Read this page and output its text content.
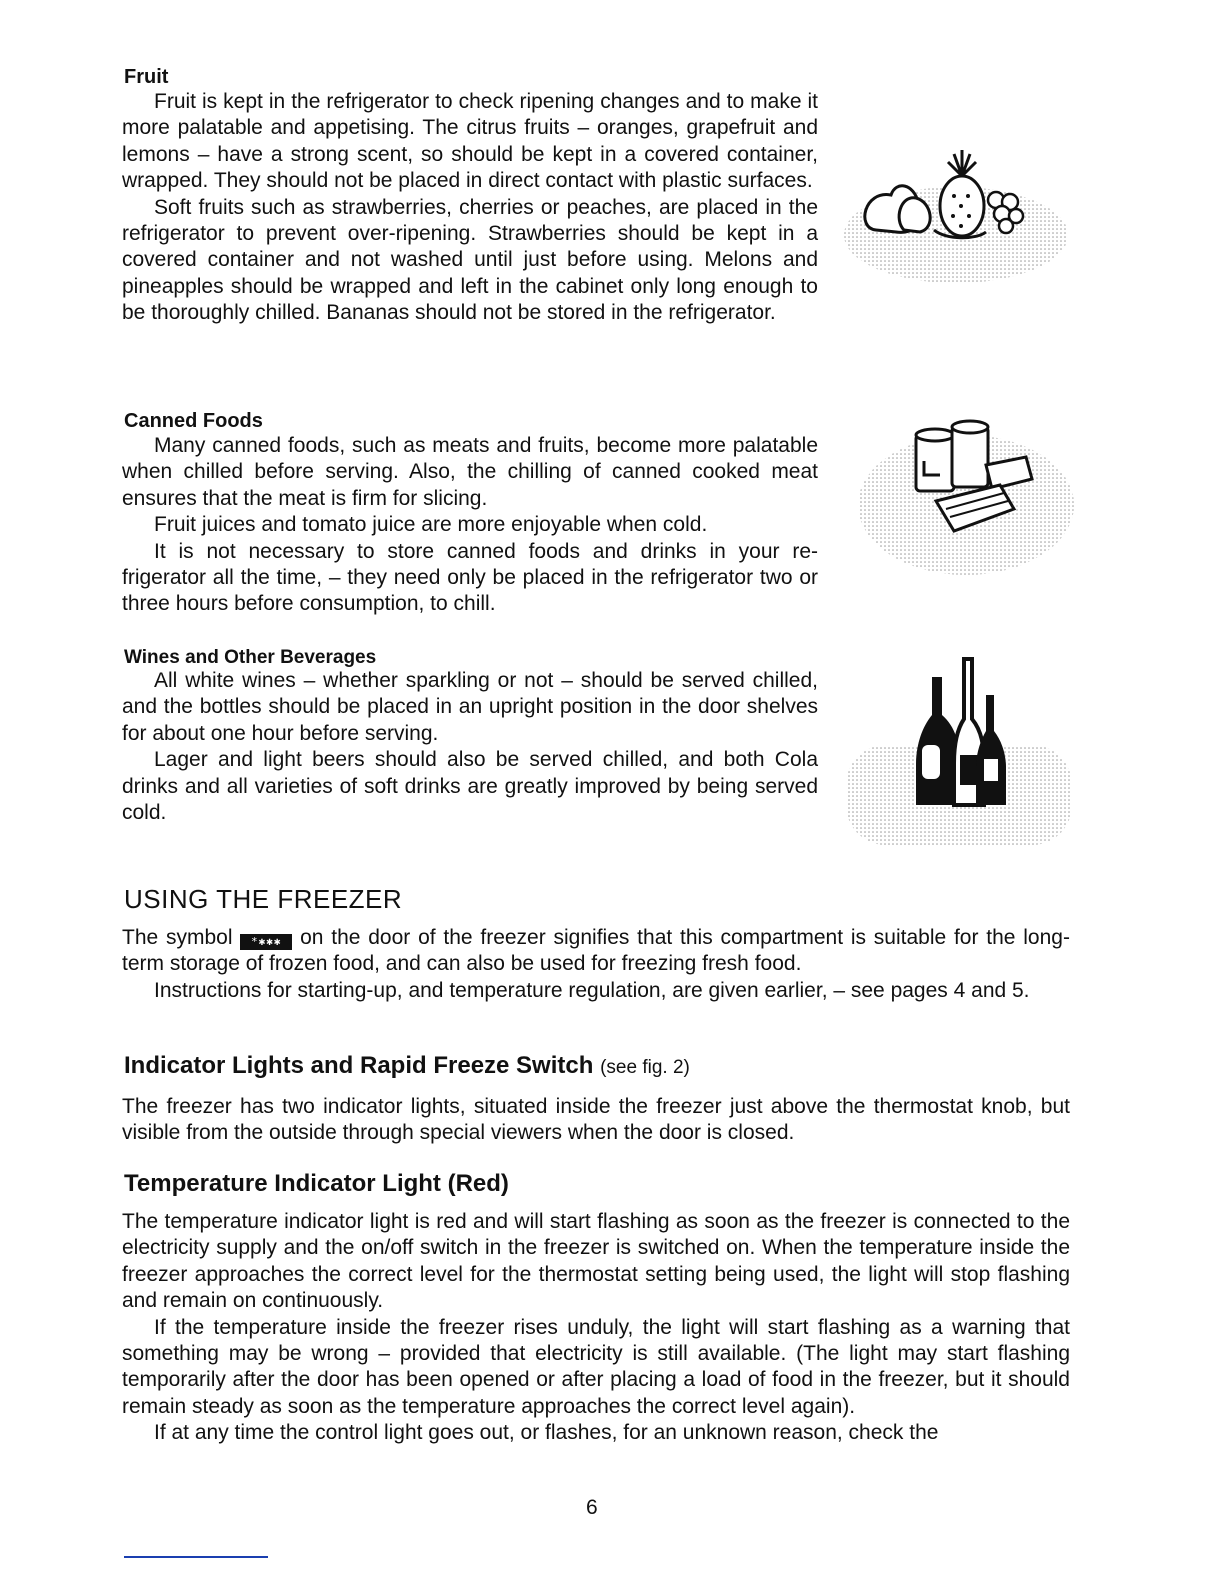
Fruit

Fruit is kept in the refrigerator to check ripening changes and to make it more palatable and appetising. The citrus fruits – oranges, grapefruit and lemons – have a strong scent, so should be kept in a covered container, wrapped. They should not be placed in direct contact with plastic surfaces.

Soft fruits such as strawberries, cherries or peaches, are placed in the refrigerator to prevent over-ripening. Strawberries should be kept in a covered container and not washed until just before using. Melons and pineapples should be wrapped and left in the cabinet only long enough to be thoroughly chilled. Bananas should not be stored in the refrigerator.

Canned Foods

Many canned foods, such as meats and fruits, become more palatable when chilled before serving. Also, the chilling of canned cooked meat ensures that the meat is firm for slicing.

Fruit juices and tomato juice are more enjoyable when cold.

It is not necessary to store canned foods and drinks in your re-frigerator all the time, – they need only be placed in the refrigerator two or three hours before consumption, to chill.

Wines and Other Beverages

All white wines – whether sparkling or not – should be served chilled, and the bottles should be placed in an upright position in the door shelves for about one hour before serving.

Lager and light beers should also be served chilled, and both Cola drinks and all varieties of soft drinks are greatly improved by being served cold.

USING THE FREEZER

The symbol *✱✱✱ on the door of the freezer signifies that this compartment is suitable for the long-term storage of frozen food, and can also be used for freezing fresh food.

Instructions for starting-up, and temperature regulation, are given earlier, – see pages 4 and 5.

Indicator Lights and Rapid Freeze Switch (see fig. 2)

The freezer has two indicator lights, situated inside the freezer just above the thermostat knob, but visible from the outside through special viewers when the door is closed.

Temperature Indicator Light (Red)

The temperature indicator light is red and will start flashing as soon as the freezer is connected to the electricity supply and the on/off switch in the freezer is switched on. When the temperature inside the freezer approaches the correct level for the thermostat setting being used, the light will stop flashing and remain on continuously.

If the temperature inside the freezer rises unduly, the light will start flashing as a warning that something may be wrong – provided that electricity is still available. (The light may start flashing temporarily after the door has been opened or after placing a load of food in the freezer, but it should remain steady as soon as the temperature approaches the correct level again).

If at any time the control light goes out, or flashes, for an unknown reason, check the

6
